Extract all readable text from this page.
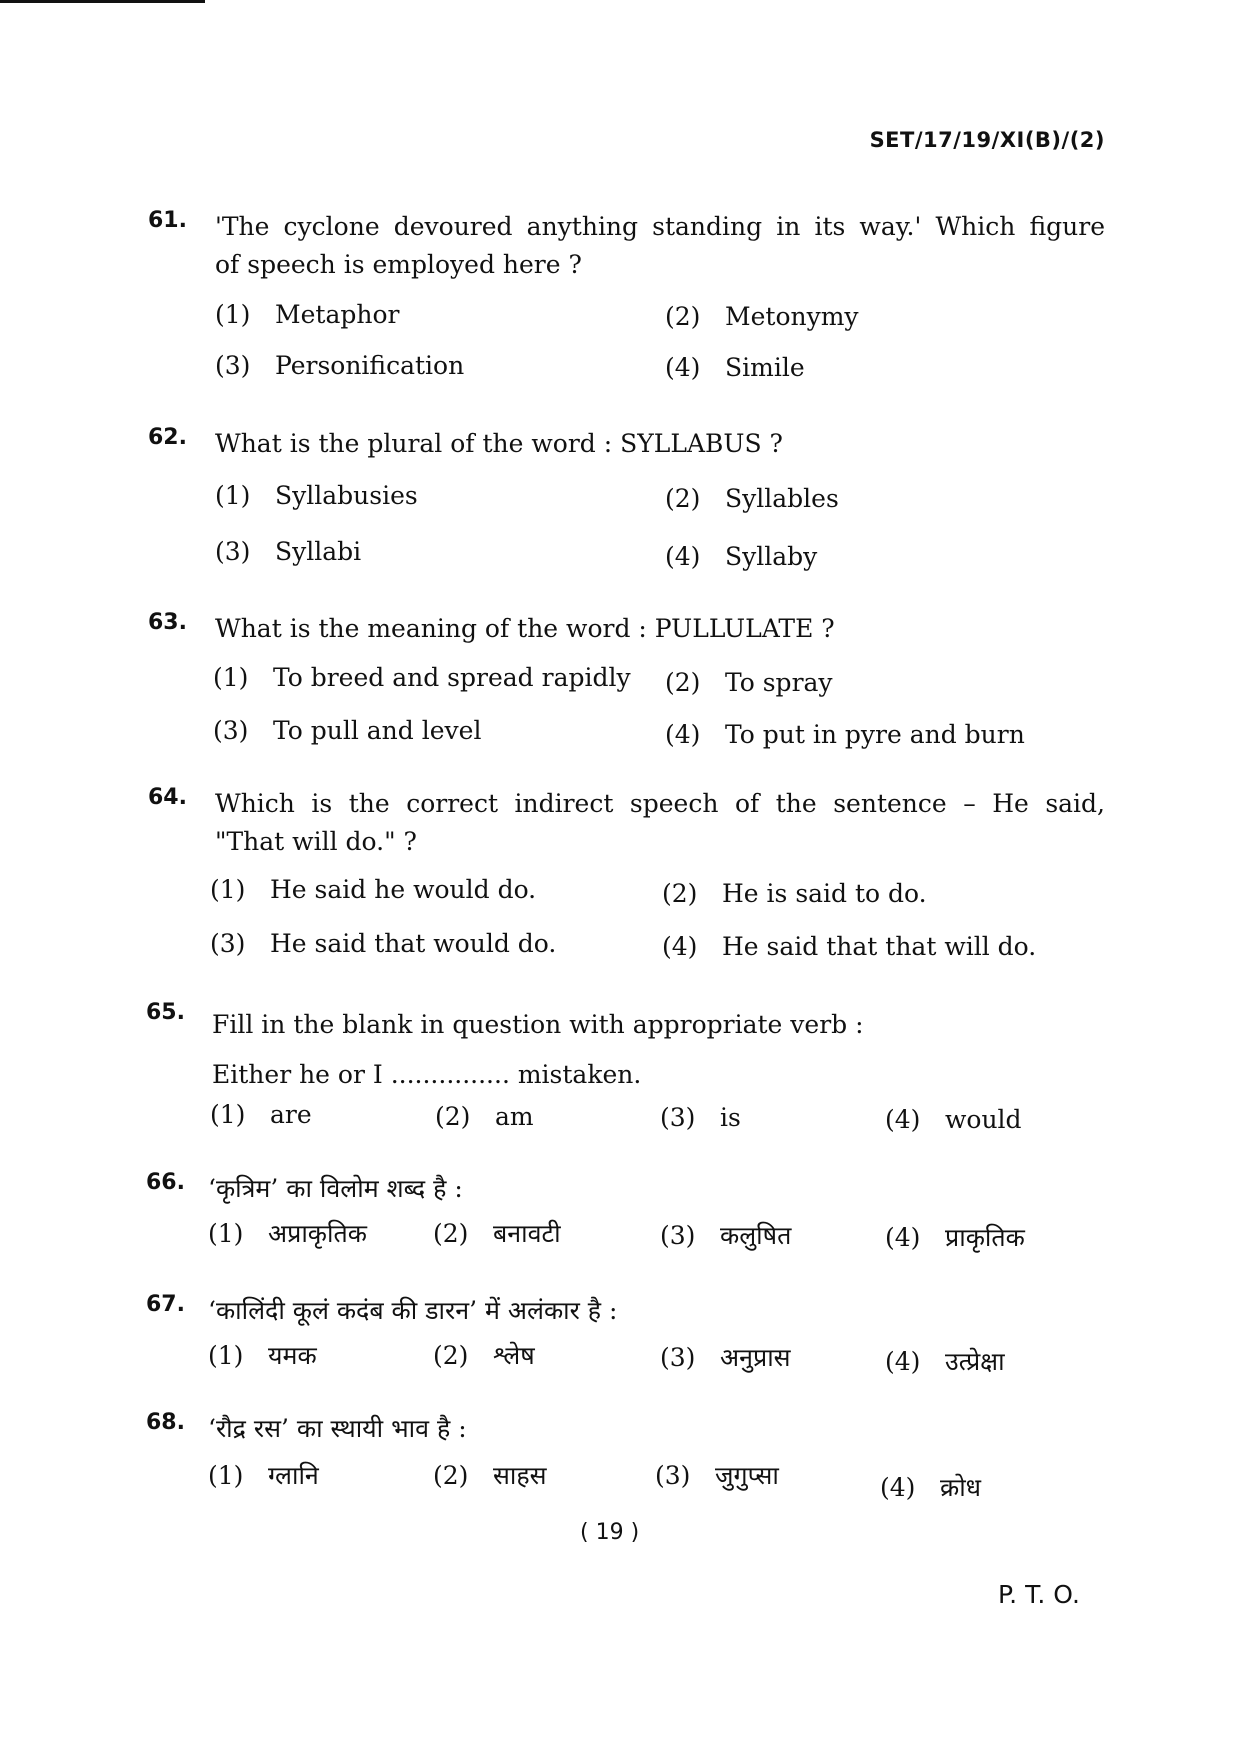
SET/17/19/XI(B)/(2)
61. 'The cyclone devoured anything standing in its way.' Which figure
of speech is employed here ?
(1) Metaphor	(2) Metonymy
(3) Personification	(4) Simile
62. What is the plural of the word : SYLLABUS ?
(1) Syllabusies	(2) Syllables
(3) Syllabi	(4) Syllaby
63. What is the meaning of the word : PULLULATE ?
(1) To breed and spread rapidly (2) To spray
(3) To pull and level	(4) To put in pyre and burn
64. Which is the correct indirect speech of the sentence – He said,
"That will do." ?
(1) He said he would do.	(2) He is said to do.
(3) He said that would do.	(4) He said that that will do.
65. Fill in the blank in question with appropriate verb :
Either he or I ............... mistaken.
(1) are	(2) am	(3) is	(4) would
66. ‘कृत्रिम’ का विलोम शब्द है :
(1) अप्राकृतिक	(2) बनावटी	(3) कलुषित	(4) प्राकृतिक
67. ‘कालिंदी कूलं कदंब की डारन’ में अलंकार है :
(1) यमक	(2) श्लेष	(3) अनुप्रास	(4) उत्प्रेक्षा
68. ‘रौद्र रस’ का स्थायी भाव है :
(1) ग्लानि	(2) साहस	(3) जुगुप्सा	(4) क्रोध
( 19 )
P. T. O.
